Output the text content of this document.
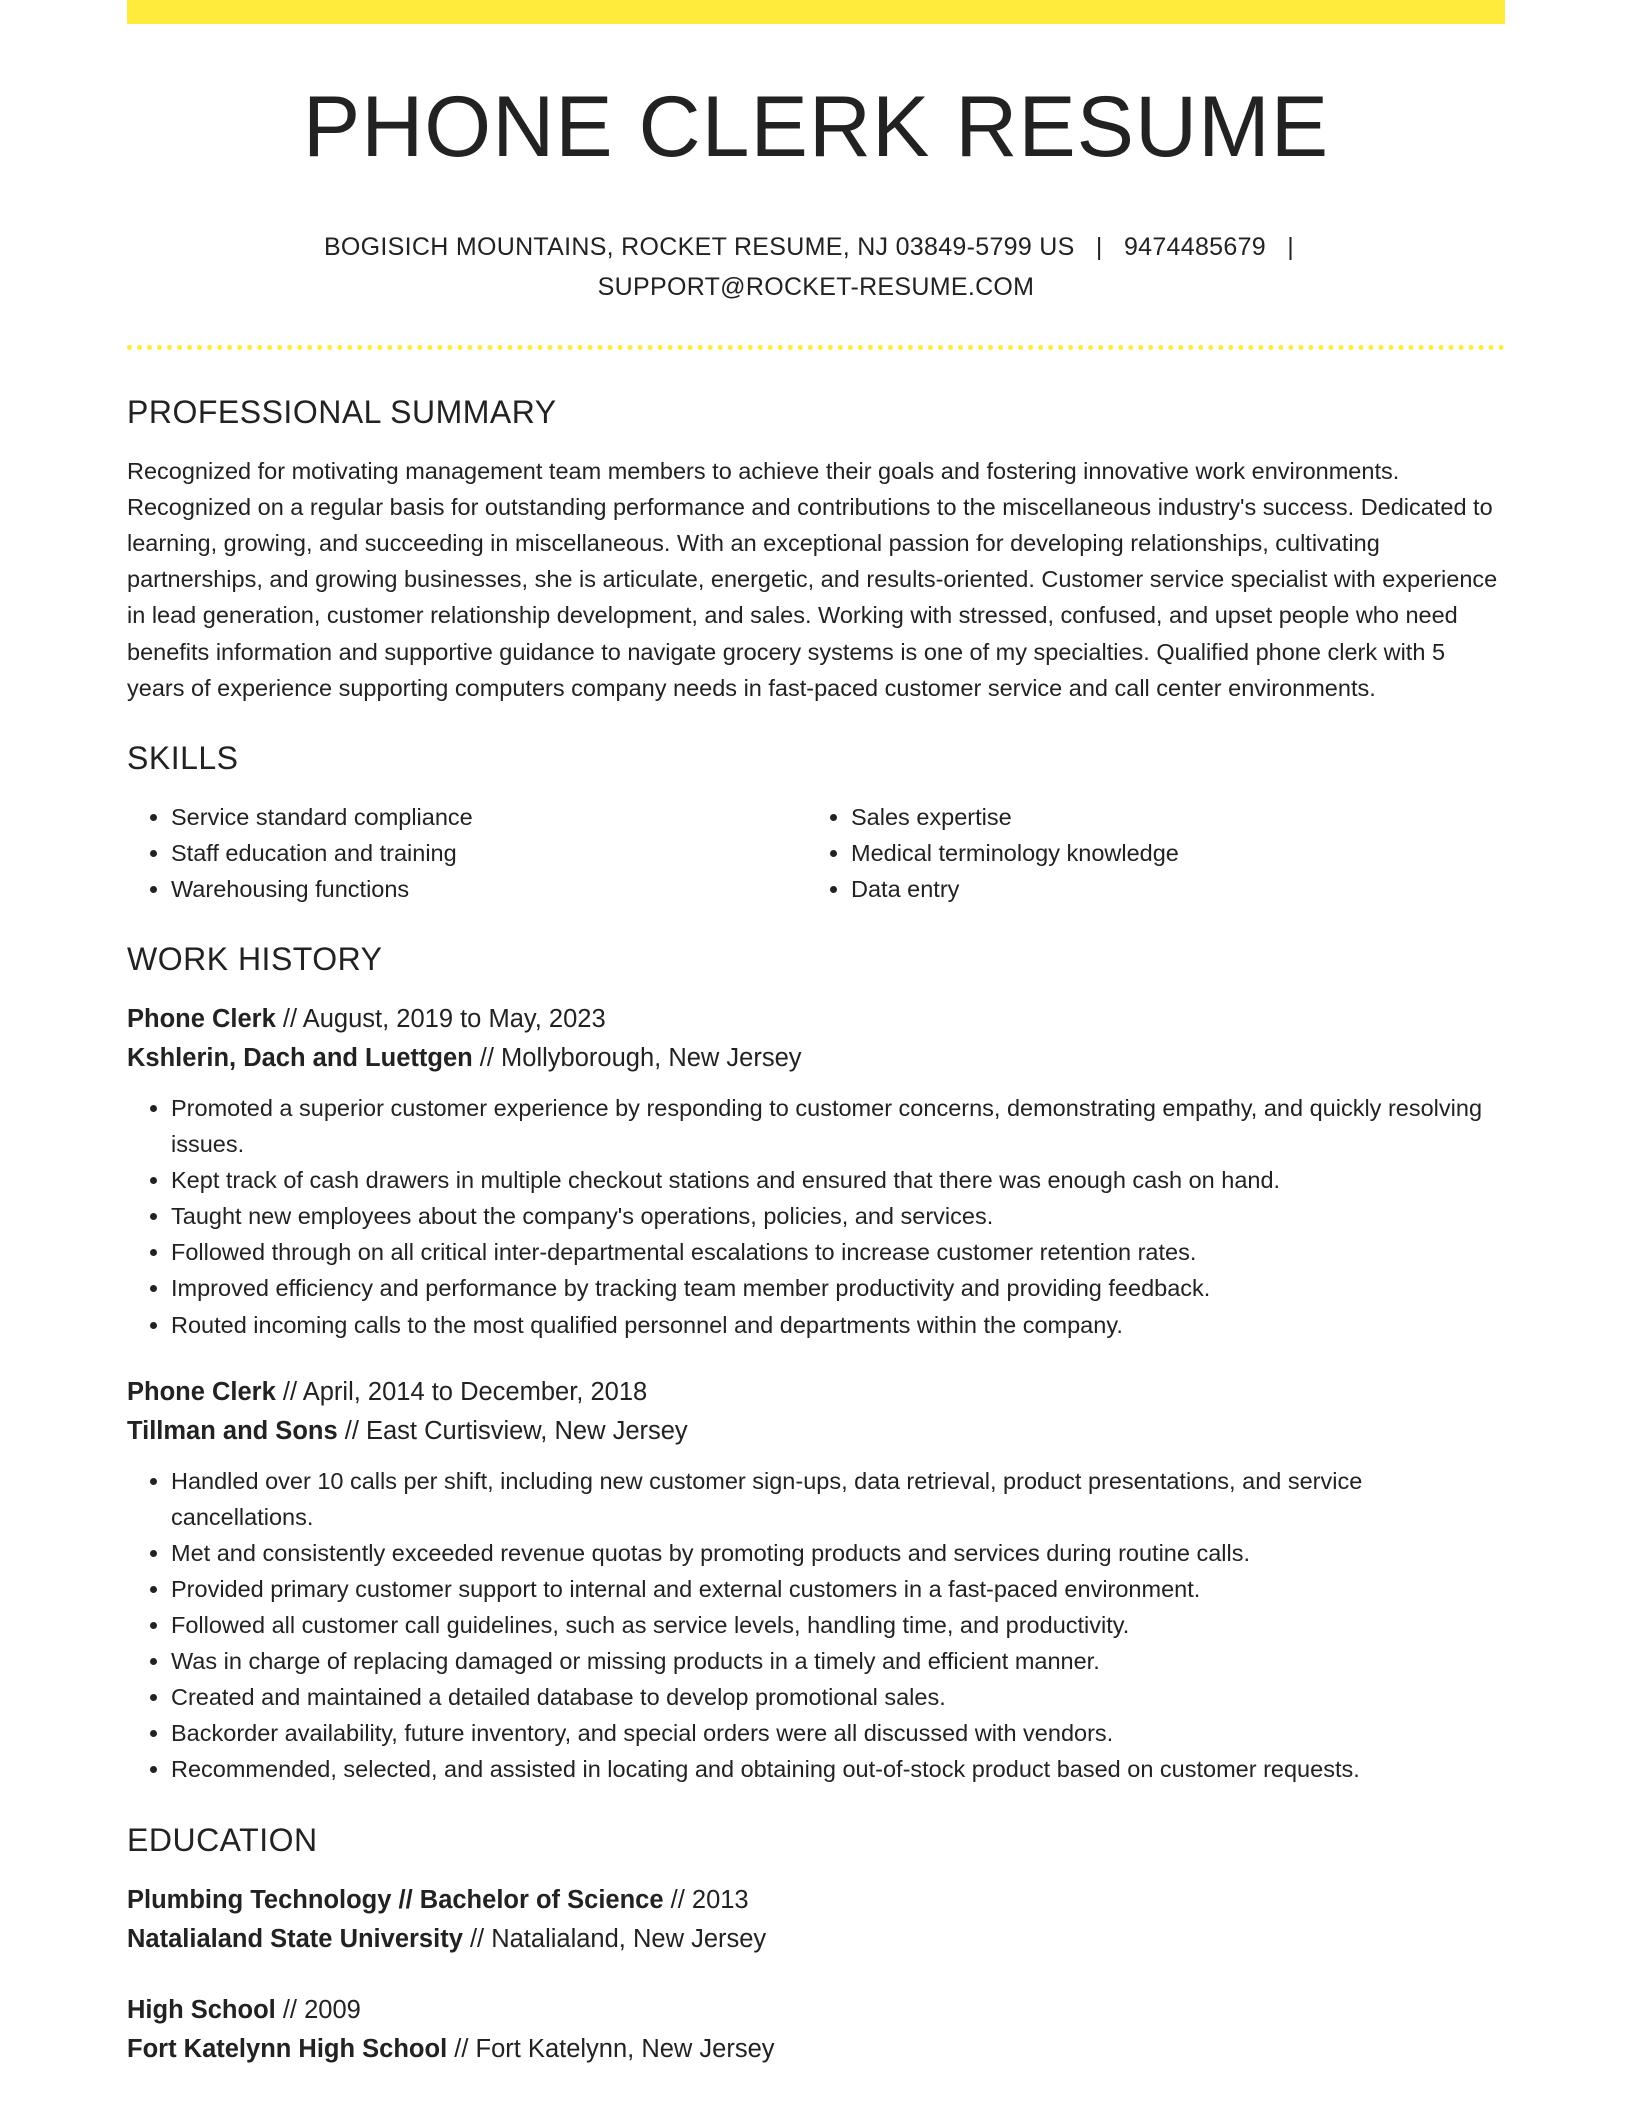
PHONE CLERK RESUME
BOGISICH MOUNTAINS, ROCKET RESUME, NJ 03849-5799 US | 9474485679 |
SUPPORT@ROCKET-RESUME.COM
PROFESSIONAL SUMMARY

Recognized for motivating management team members to achieve their goals and fostering innovative work environments. Recognized on a regular basis for outstanding performance and contributions to the miscellaneous industry's success. Dedicated to learning, growing, and succeeding in miscellaneous. With an exceptional passion for developing relationships, cultivating partnerships, and growing businesses, she is articulate, energetic, and results-oriented. Customer service specialist with experience in lead generation, customer relationship development, and sales. Working with stressed, confused, and upset people who need benefits information and supportive guidance to navigate grocery systems is one of my specialties. Qualified phone clerk with 5 years of experience supporting computers company needs in fast-paced customer service and call center environments.

SKILLS
• Service standard compliance
• Staff education and training
• Warehousing functions
• Sales expertise
• Medical terminology knowledge
• Data entry
WORK HISTORY
Phone Clerk // August, 2019 to May, 2023
Kshlerin, Dach and Luettgen // Mollyborough, New Jersey
• Promoted a superior customer experience by responding to customer concerns, demonstrating empathy, and quickly resolving issues.
• Kept track of cash drawers in multiple checkout stations and ensured that there was enough cash on hand.
• Taught new employees about the company's operations, policies, and services.
• Followed through on all critical inter-departmental escalations to increase customer retention rates.
• Improved efficiency and performance by tracking team member productivity and providing feedback.
• Routed incoming calls to the most qualified personnel and departments within the company.
Phone Clerk // April, 2014 to December, 2018
Tillman and Sons // East Curtisview, New Jersey
• Handled over 10 calls per shift, including new customer sign-ups, data retrieval, product presentations, and service cancellations.
• Met and consistently exceeded revenue quotas by promoting products and services during routine calls.
• Provided primary customer support to internal and external customers in a fast-paced environment.
• Followed all customer call guidelines, such as service levels, handling time, and productivity.
• Was in charge of replacing damaged or missing products in a timely and efficient manner.
• Created and maintained a detailed database to develop promotional sales.
• Backorder availability, future inventory, and special orders were all discussed with vendors.
• Recommended, selected, and assisted in locating and obtaining out-of-stock product based on customer requests.
EDUCATION
Plumbing Technology // Bachelor of Science // 2013
Natalialand State University // Natalialand, New Jersey
High School // 2009
Fort Katelynn High School // Fort Katelynn, New Jersey
